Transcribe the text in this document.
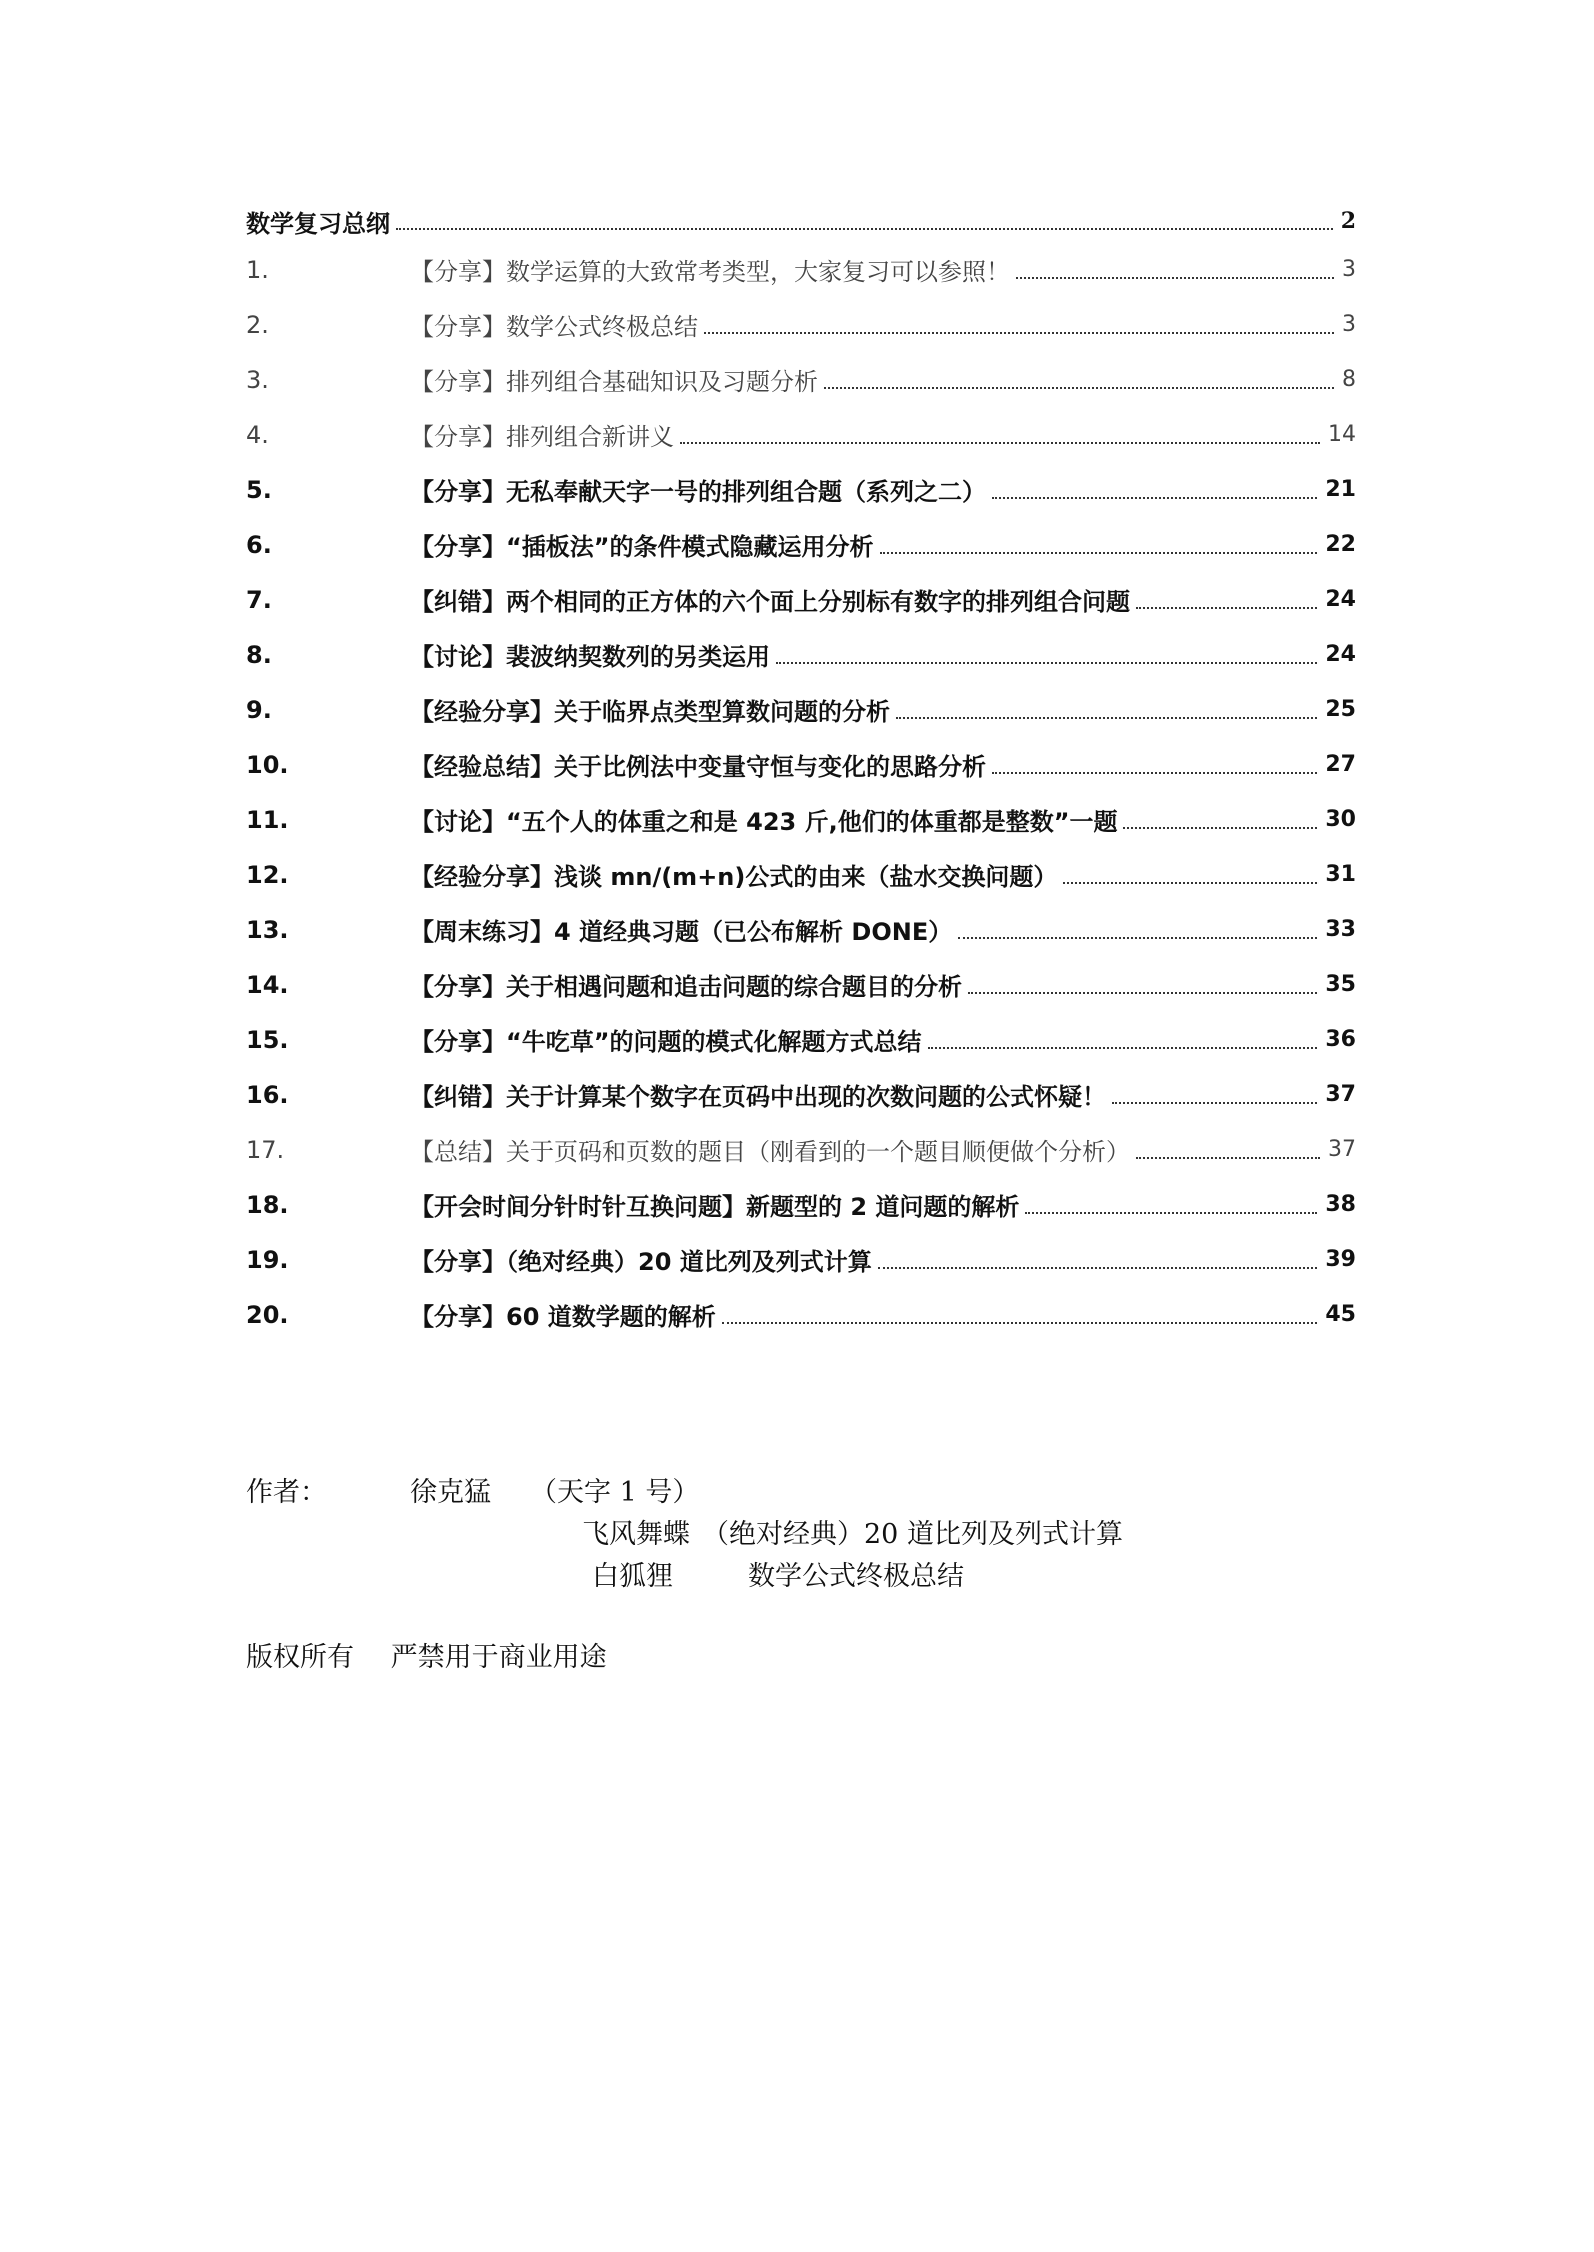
数学复习总纲	2
1.	【分享】数学运算的大致常考类型，大家复习可以参照！	3
2.	【分享】数学公式终极总结	3
3.	【分享】排列组合基础知识及习题分析	8
4.	【分享】排列组合新讲义	14
5.	【分享】无私奉献天字一号的排列组合题（系列之二）	21
6.	【分享】“插板法”的条件模式隐藏运用分析	22
7.	【纠错】两个相同的正方体的六个面上分别标有数字的排列组合问题	24
8.	【讨论】裴波纳契数列的另类运用	24
9.	【经验分享】关于临界点类型算数问题的分析	25
10.	【经验总结】关于比例法中变量守恒与变化的思路分析	27
11.	【讨论】“五个人的体重之和是 423 斤,他们的体重都是整数”一题	30
12.	【经验分享】浅谈 mn/(m+n)公式的由来（盐水交换问题）	31
13.	【周末练习】4 道经典习题（已公布解析 DONE）	33
14.	【分享】关于相遇问题和追击问题的综合题目的分析	35
15.	【分享】“牛吃草”的问题的模式化解题方式总结	36
16.	【纠错】关于计算某个数字在页码中出现的次数问题的公式怀疑！	37
17.	【总结】关于页码和页数的题目（刚看到的一个题目顺便做个分析）	37
18.	【开会时间分针时针互换问题】新题型的 2 道问题的解析	38
19.	【分享】（绝对经典）20 道比列及列式计算	39
20.	【分享】60 道数学题的解析	45
作者：	徐克猛 （天字 1 号）
飞风舞蝶 （绝对经典）20 道比列及列式计算
白狐狸	数学公式终极总结
版权所有 严禁用于商业用途
